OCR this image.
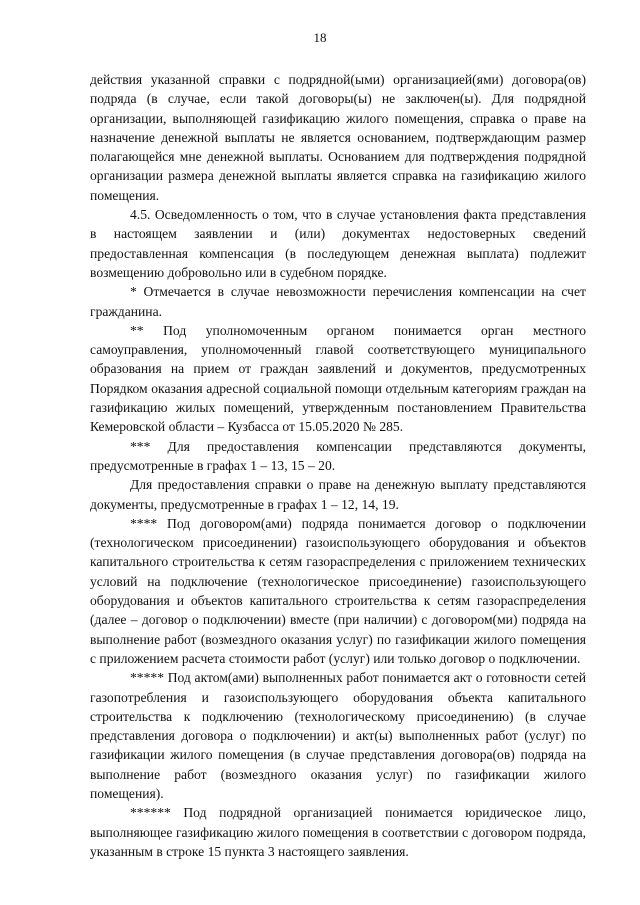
18

действия указанной справки с подрядной(ыми) организацией(ями) договора(ов) подряда (в случае, если такой договоры(ы) не заключен(ы). Для подрядной организации, выполняющей газификацию жилого помещения, справка о праве на назначение денежной выплаты не является основанием, подтверждающим размер полагающейся мне денежной выплаты. Основанием для подтверждения подрядной организации размера денежной выплаты является справка на газификацию жилого помещения.

4.5. Осведомленность о том, что в случае установления факта представления в настоящем заявлении и (или) документах недостоверных сведений предоставленная компенсация (в последующем денежная выплата) подлежит возмещению добровольно или в судебном порядке.

* Отмечается в случае невозможности перечисления компенсации на счет гражданина.

** Под уполномоченным органом понимается орган местного самоуправления, уполномоченный главой соответствующего муниципального образования на прием от граждан заявлений и документов, предусмотренных Порядком оказания адресной социальной помощи отдельным категориям граждан на газификацию жилых помещений, утвержденным постановлением Правительства Кемеровской области – Кузбасса от 15.05.2020 № 285.

*** Для предоставления компенсации представляются документы, предусмотренные в графах 1 – 13, 15 – 20.

Для предоставления справки о праве на денежную выплату представляются документы, предусмотренные в графах 1 – 12, 14, 19.

**** Под договором(ами) подряда понимается договор о подключении (технологическом присоединении) газоиспользующего оборудования и объектов капитального строительства к сетям газораспределения с приложением технических условий на подключение (технологическое присоединение) газоиспользующего оборудования и объектов капитального строительства к сетям газораспределения (далее – договор о подключении) вместе (при наличии) с договором(ми) подряда на выполнение работ (возмездного оказания услуг) по газификации жилого помещения с приложением расчета стоимости работ (услуг) или только договор о подключении.

***** Под актом(ами) выполненных работ понимается акт о готовности сетей газопотребления и газоиспользующего оборудования объекта капитального строительства к подключению (технологическому присоединению) (в случае представления договора о подключении) и акт(ы) выполненных работ (услуг) по газификации жилого помещения (в случае представления договора(ов) подряда на выполнение работ (возмездного оказания услуг) по газификации жилого помещения).

****** Под подрядной организацией понимается юридическое лицо, выполняющее газификацию жилого помещения в соответствии с договором подряда, указанным в строке 15 пункта 3 настоящего заявления.
